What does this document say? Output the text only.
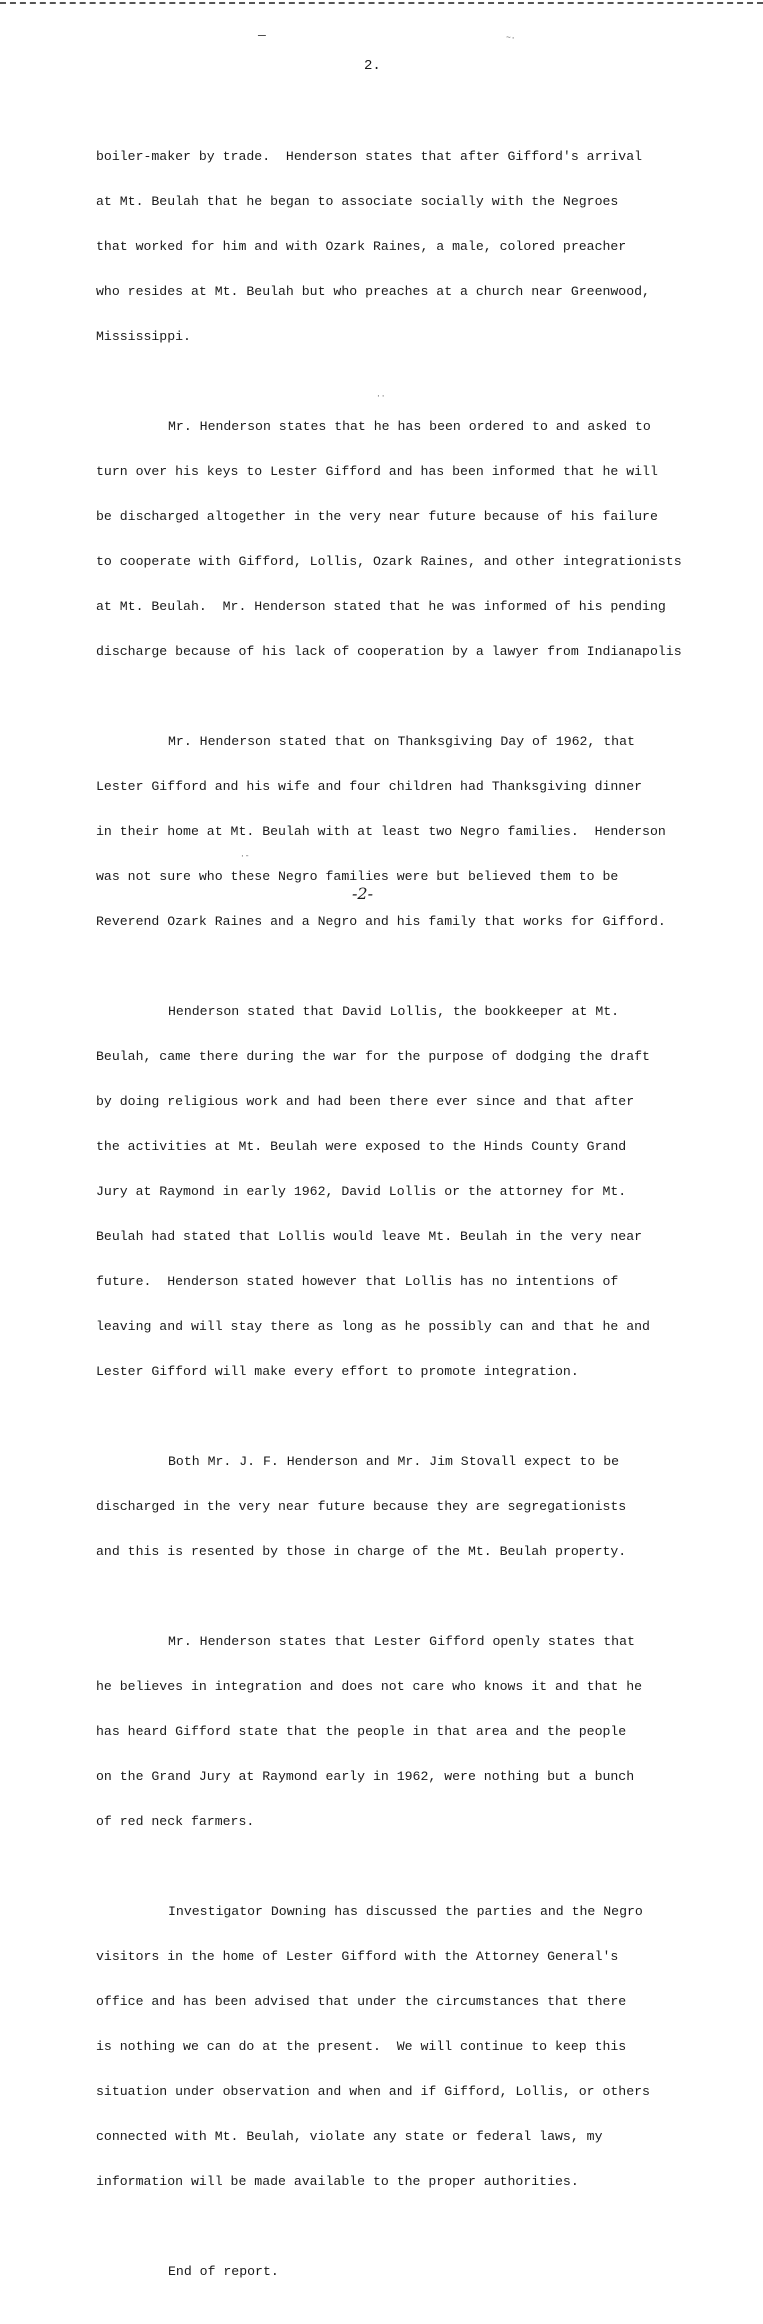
—	~·
··
·-
2.

boiler-maker by trade.  Henderson states that after Gifford's arrival

at Mt. Beulah that he began to associate socially with the Negroes

that worked for him and with Ozark Raines, a male, colored preacher

who resides at Mt. Beulah but who preaches at a church near Greenwood,

Mississippi.

Mr. Henderson states that he has been ordered to and asked to

turn over his keys to Lester Gifford and has been informed that he will

be discharged altogether in the very near future because of his failure

to cooperate with Gifford, Lollis, Ozark Raines, and other integrationists

at Mt. Beulah.  Mr. Henderson stated that he was informed of his pending

discharge because of his lack of cooperation by a lawyer from Indianapolis

Mr. Henderson stated that on Thanksgiving Day of 1962, that

Lester Gifford and his wife and four children had Thanksgiving dinner

in their home at Mt. Beulah with at least two Negro families.  Henderson

was not sure who these Negro families were but believed them to be

Reverend Ozark Raines and a Negro and his family that works for Gifford.

Henderson stated that David Lollis, the bookkeeper at Mt.

Beulah, came there during the war for the purpose of dodging the draft

by doing religious work and had been there ever since and that after

the activities at Mt. Beulah were exposed to the Hinds County Grand

Jury at Raymond in early 1962, David Lollis or the attorney for Mt.

Beulah had stated that Lollis would leave Mt. Beulah in the very near

future.  Henderson stated however that Lollis has no intentions of

leaving and will stay there as long as he possibly can and that he and

Lester Gifford will make every effort to promote integration.

Both Mr. J. F. Henderson and Mr. Jim Stovall expect to be

discharged in the very near future because they are segregationists

and this is resented by those in charge of the Mt. Beulah property.

Mr. Henderson states that Lester Gifford openly states that

he believes in integration and does not care who knows it and that he

has heard Gifford state that the people in that area and the people

on the Grand Jury at Raymond early in 1962, were nothing but a bunch

of red neck farmers.

Investigator Downing has discussed the parties and the Negro

visitors in the home of Lester Gifford with the Attorney General's

office and has been advised that under the circumstances that there

is nothing we can do at the present.  We will continue to keep this

situation under observation and when and if Gifford, Lollis, or others

connected with Mt. Beulah, violate any state or federal laws, my

information will be made available to the proper authorities.

End of report.

-2-
